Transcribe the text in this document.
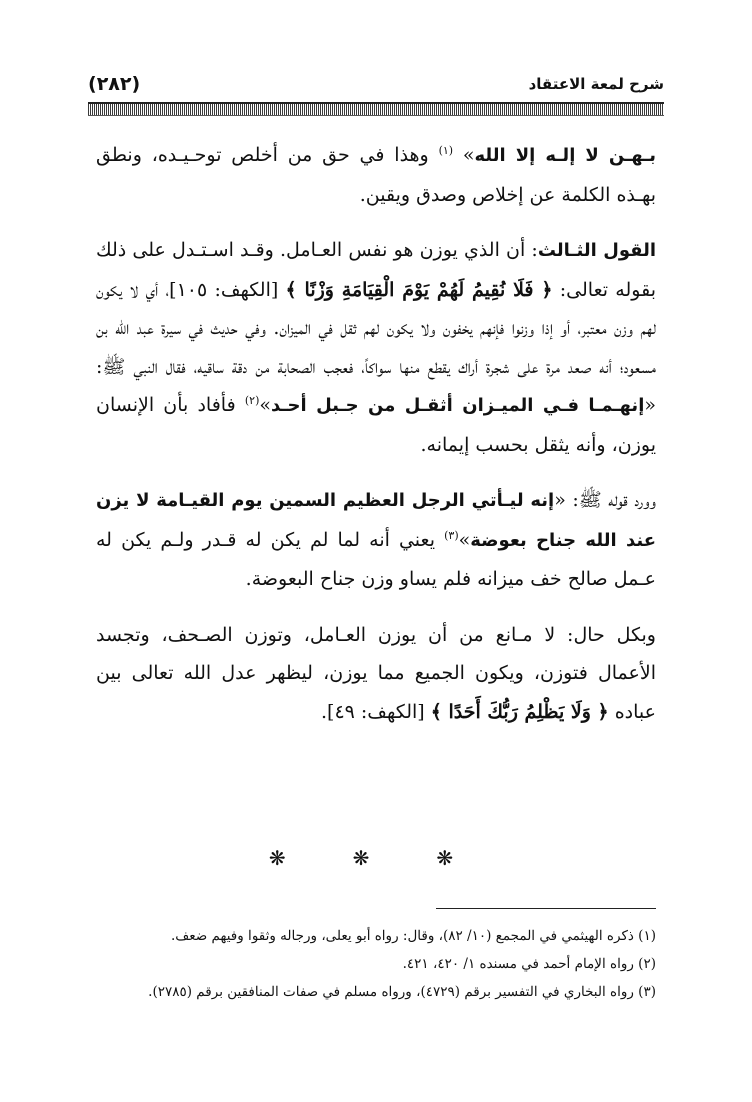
(٢٨٢)	شرح لمعة الاعتقاد

بـهـن لا إلـه إلا الله» $^{(١)}$ وهذا في حق من أخلص توحـيـده، ونطق بهـذه الكلمة عن إخلاص وصدق ويقين.

القول الثـالث: أن الذي يوزن هو نفس العـامل. وقـد اسـتـدل على ذلك بقوله تعالى: ﴿ فَلَا نُقِيمُ لَهُمْ يَوْمَ الْقِيَامَةِ وَزْنًا ﴾ [الكهف: ١٠٥]، أي لا يكون لهم وزن معتبر، أو إذا وزنوا فإنهم يخفون ولا يكون لهم ثقل في الميزان. وفي حديث في سيرة عبد الله بن مسعود؛ أنه صعد مرة على شجرة أراك يقطع منها سواكاً، فعجب الصحابة من دقة ساقيه، فقال النبي ﷺ: «إنهـمـا فـي الميـزان أثقـل من جـبل أحـد»$^{(٢)}$ فأفاد بأن الإنسان يوزن، وأنه يثقل بحسب إيمانه.

وورد قوله ﷺ: «إنه ليـأتي الرجل العظيم السمين يوم القيـامة لا يزن عند الله جناح بعوضة»$^{(٣)}$ يعني أنه لما لم يكن له قـدر ولـم يكن له عـمل صالح خف ميزانه فلم يساو وزن جناح البعوضة.

وبكل حال: لا مـانع من أن يوزن العـامل، وتوزن الصـحف، وتجسد الأعمال فتوزن، ويكون الجميع مما يوزن، ليظهر عدل الله تعالى بين عباده ﴿ وَلَا يَظْلِمُ رَبُّكَ أَحَدًا ﴾ [الكهف: ٤٩].

❋ ❋ ❋
(١) ذكره الهيثمي في المجمع (١٠/ ٨٢)، وقال: رواه أبو يعلى، ورجاله وثقوا وفيهم ضعف.
(٢) رواه الإمام أحمد في مسنده ١/ ٤٢٠، ٤٢١.
(٣) رواه البخاري في التفسير برقم (٤٧٢٩)، ورواه مسلم في صفات المنافقين برقم (٢٧٨٥).
